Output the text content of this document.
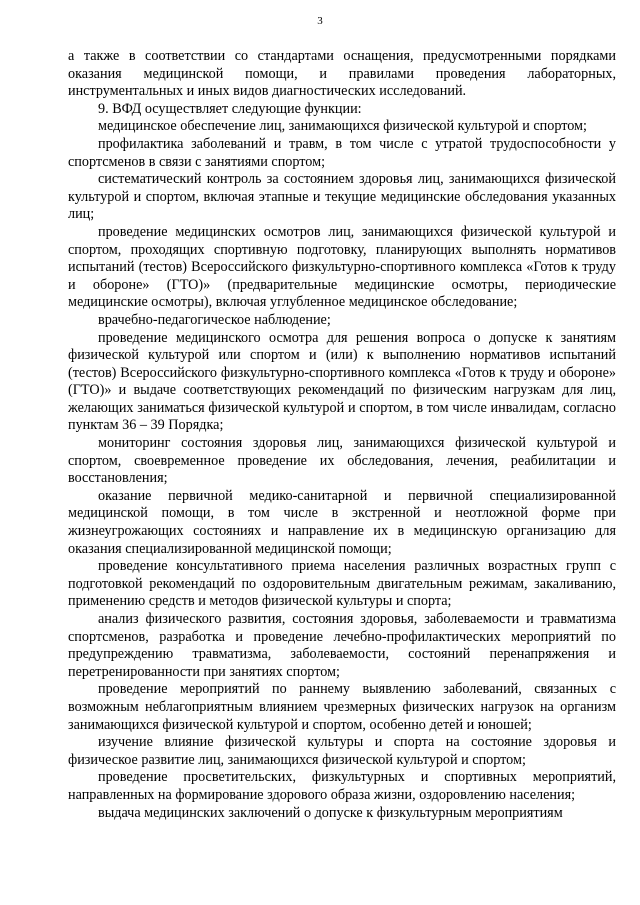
3

а также в соответствии со стандартами оснащения, предусмотренными порядками оказания медицинской помощи, и правилами проведения лабораторных, инструментальных и иных видов диагностических исследований.

9. ВФД осуществляет следующие функции:

медицинское обеспечение лиц, занимающихся физической культурой и спортом;

профилактика заболеваний и травм, в том числе с утратой трудоспособности у спортсменов в связи с занятиями спортом;

систематический контроль за состоянием здоровья лиц, занимающихся физической культурой и спортом, включая этапные и текущие медицинские обследования указанных лиц;

проведение медицинских осмотров лиц, занимающихся физической культурой и спортом, проходящих спортивную подготовку, планирующих выполнять нормативов испытаний (тестов) Всероссийского физкультурно-спортивного комплекса «Готов к труду и обороне» (ГТО)» (предварительные медицинские осмотры, периодические медицинские осмотры), включая углубленное медицинское обследование;

врачебно-педагогическое наблюдение;

проведение медицинского осмотра для решения вопроса о допуске к занятиям физической культурой или спортом и (или) к выполнению нормативов испытаний (тестов) Всероссийского физкультурно-спортивного комплекса «Готов к труду и обороне» (ГТО)» и выдаче соответствующих рекомендаций по физическим нагрузкам для лиц, желающих заниматься физической культурой и спортом, в том числе инвалидам, согласно пунктам 36 – 39 Порядка;

мониторинг состояния здоровья лиц, занимающихся физической культурой и спортом, своевременное проведение их обследования, лечения, реабилитации и восстановления;

оказание первичной медико-санитарной и первичной специализированной медицинской помощи, в том числе в экстренной и неотложной форме при жизнеугрожающих состояниях и направление их в медицинскую организацию для оказания специализированной медицинской помощи;

проведение консультативного приема населения различных возрастных групп с подготовкой рекомендаций по оздоровительным двигательным режимам, закаливанию, применению средств и методов физической культуры и спорта;

анализ физического развития, состояния здоровья, заболеваемости и травматизма спортсменов, разработка и проведение лечебно-профилактических мероприятий по предупреждению травматизма, заболеваемости, состояний перенапряжения и перетренированности при занятиях спортом;

проведение мероприятий по раннему выявлению заболеваний, связанных с возможным неблагоприятным влиянием чрезмерных физических нагрузок на организм занимающихся физической культурой и спортом, особенно детей и юношей;

изучение влияние физической культуры и спорта на состояние здоровья и физическое развитие лиц, занимающихся физической культурой и спортом;

проведение просветительских, физкультурных и спортивных мероприятий, направленных на формирование здорового образа жизни, оздоровлению населения;

выдача медицинских заключений о допуске к физкультурным мероприятиям
